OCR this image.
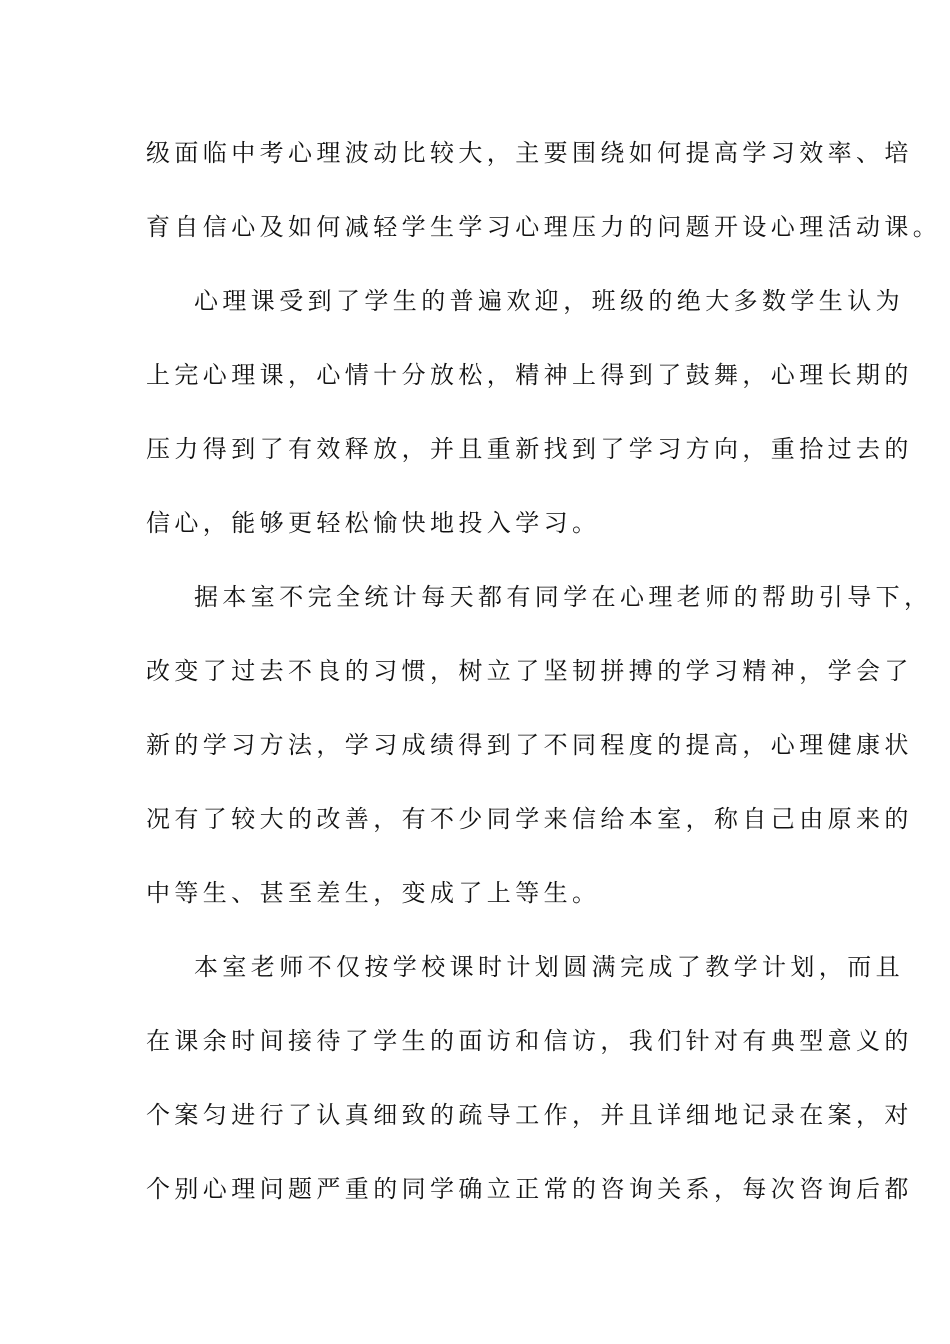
级面临中考心理波动比较大，主要围绕如何提高学习效率、培
育自信心及如何减轻学生学习心理压力的问题开设心理活动课。
心理课受到了学生的普遍欢迎，班级的绝大多数学生认为
上完心理课，心情十分放松，精神上得到了鼓舞，心理长期的
压力得到了有效释放，并且重新找到了学习方向，重拾过去的
信心，能够更轻松愉快地投入学习。
据本室不完全统计每天都有同学在心理老师的帮助引导下，
改变了过去不良的习惯，树立了坚韧拼搏的学习精神，学会了
新的学习方法，学习成绩得到了不同程度的提高，心理健康状
况有了较大的改善，有不少同学来信给本室，称自己由原来的
中等生、甚至差生，变成了上等生。
本室老师不仅按学校课时计划圆满完成了教学计划，而且
在课余时间接待了学生的面访和信访，我们针对有典型意义的
个案匀进行了认真细致的疏导工作，并且详细地记录在案，对
个别心理问题严重的同学确立正常的咨询关系，每次咨询后都
